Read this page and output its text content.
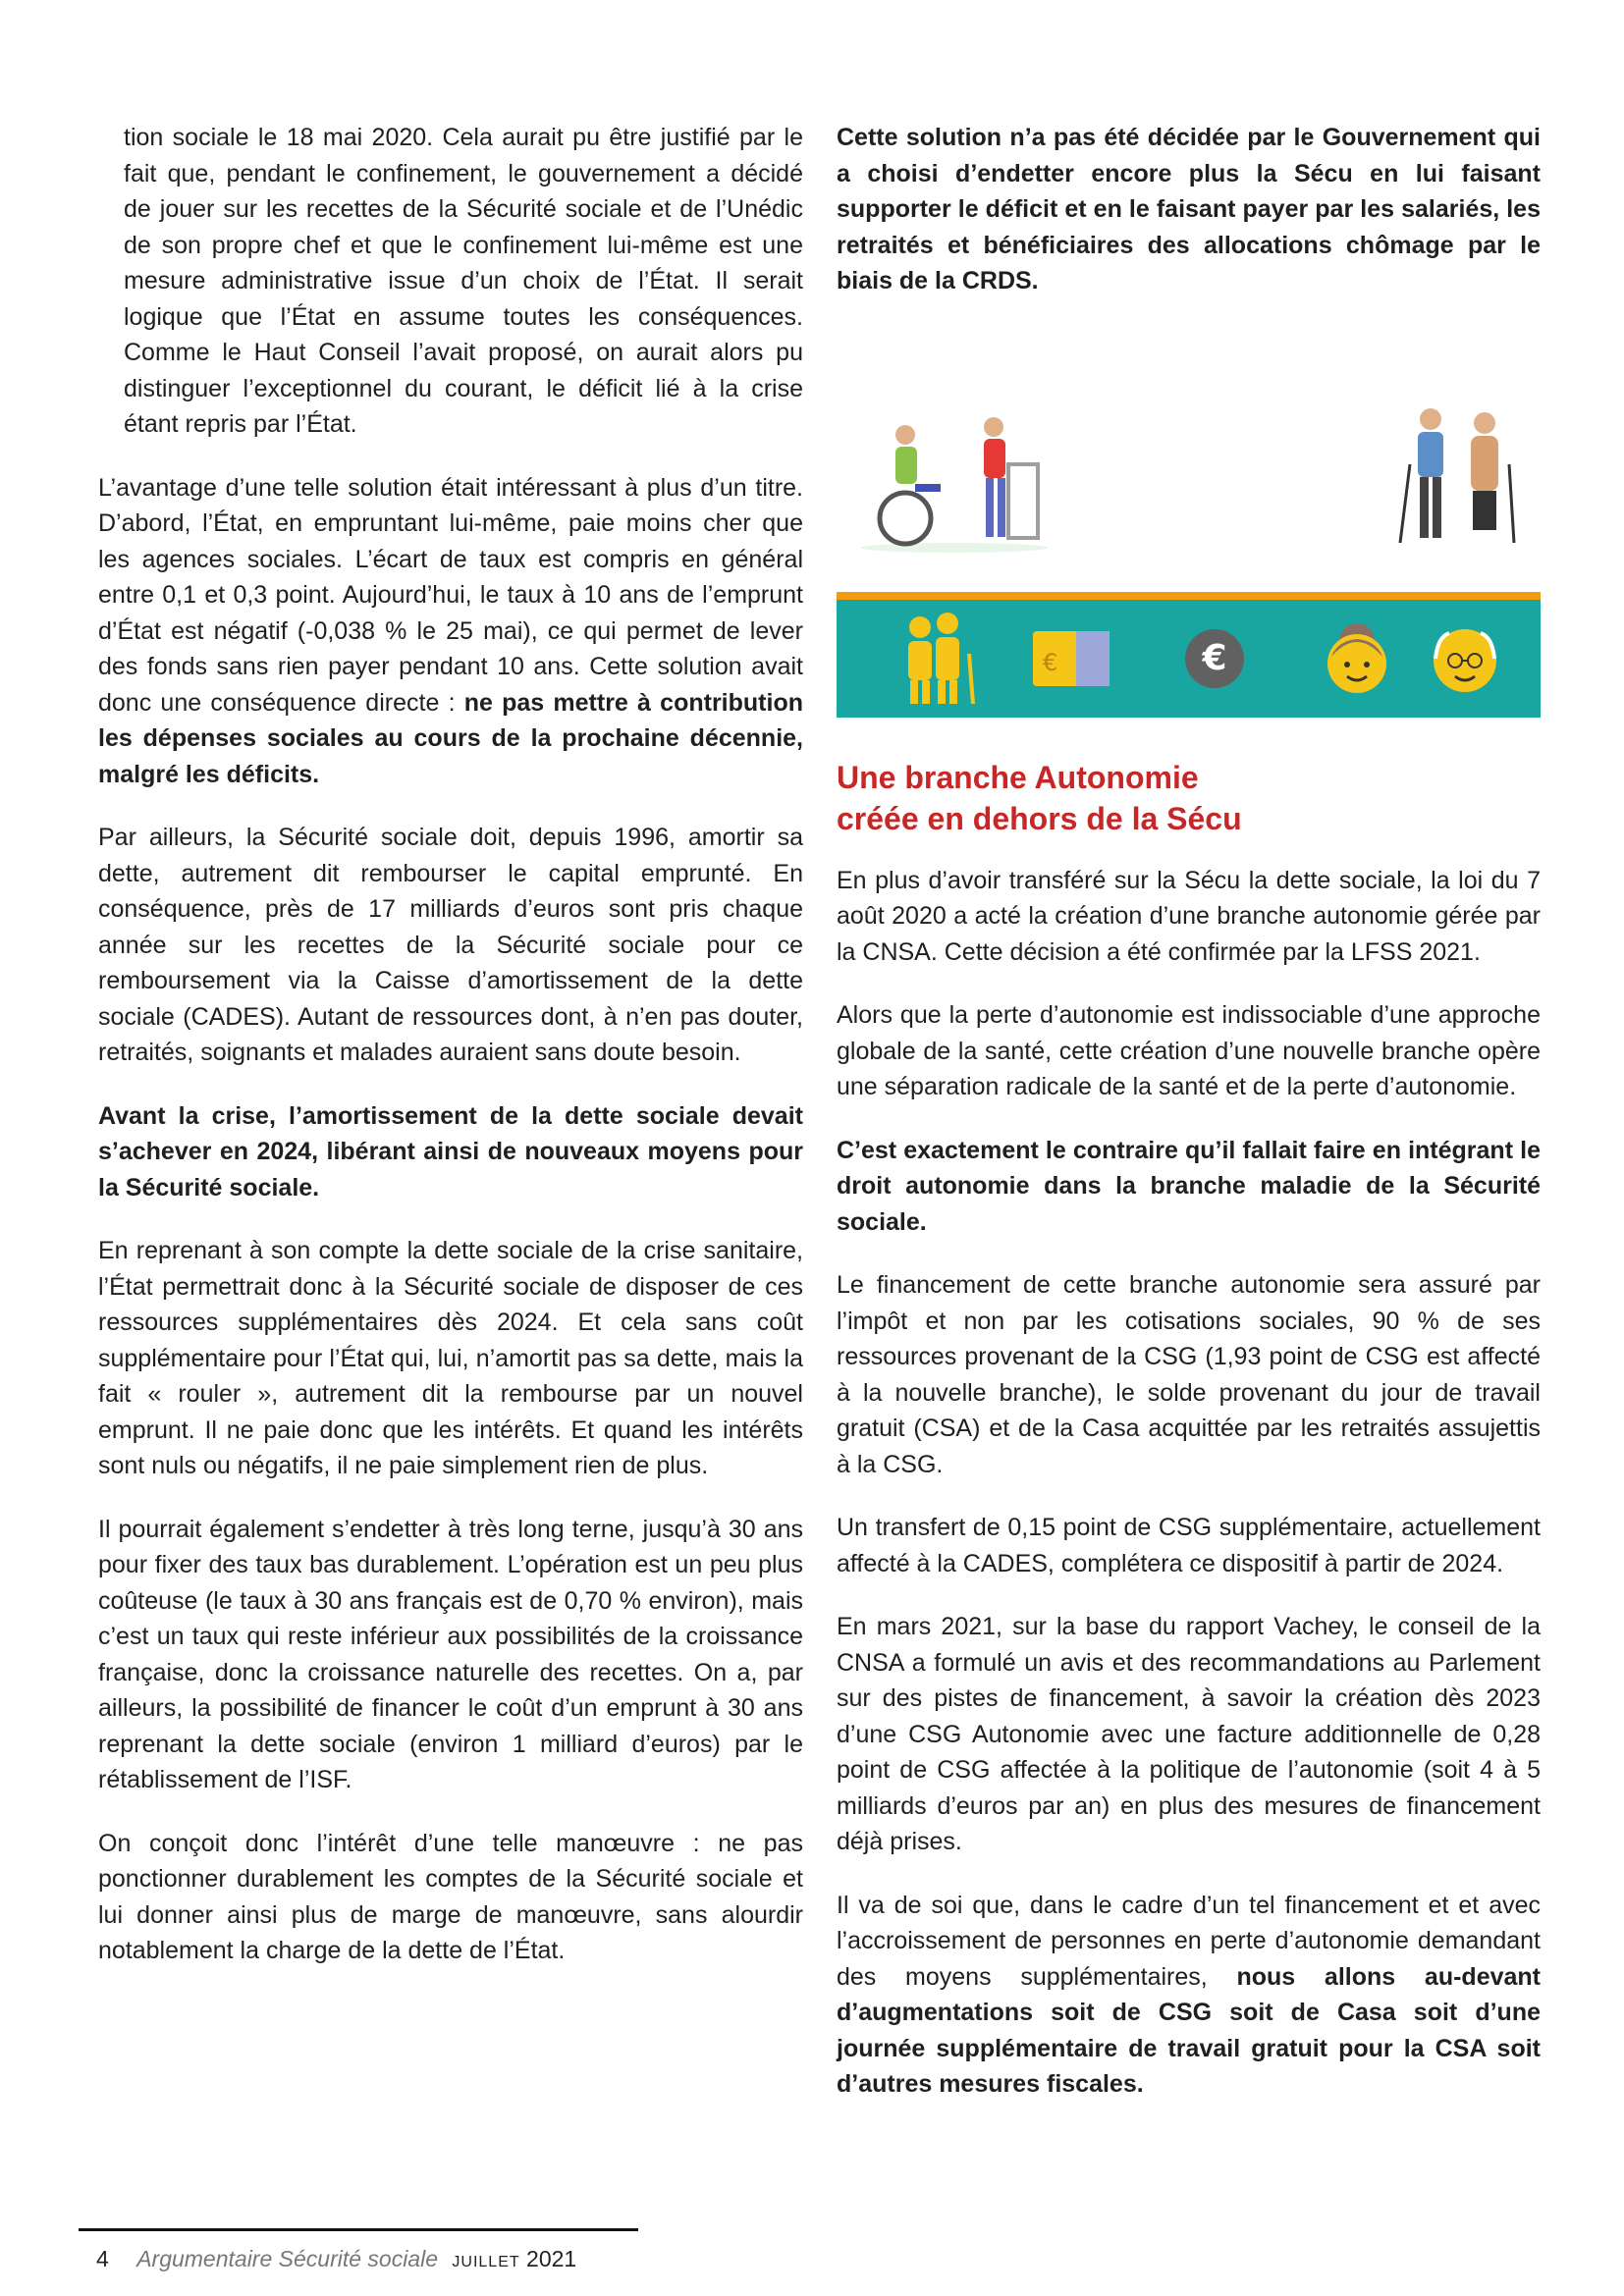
tion sociale le 18 mai 2020. Cela aurait pu être justifié par le fait que, pendant le confinement, le gouvernement a décidé de jouer sur les recettes de la Sécurité sociale et de l’Unédic de son propre chef et que le confinement lui-même est une mesure administrative issue d’un choix de l’État. Il serait logique que l’État en assume toutes les conséquences. Comme le Haut Conseil l’avait proposé, on aurait alors pu distinguer l’exceptionnel du courant, le déficit lié à la crise étant repris par l’État.

L’avantage d’une telle solution était intéressant à plus d’un titre. D’abord, l’État, en empruntant lui-même, paie moins cher que les agences sociales. L’écart de taux est compris en général entre 0,1 et 0,3 point. Aujourd’hui, le taux à 10 ans de l’emprunt d’État est négatif (-0,038 % le 25 mai), ce qui permet de lever des fonds sans rien payer pendant 10 ans. Cette solution avait donc une conséquence directe : ne pas mettre à contribution les dépenses sociales au cours de la prochaine décennie, malgré les déficits.

Par ailleurs, la Sécurité sociale doit, depuis 1996, amortir sa dette, autrement dit rembourser le capital emprunté. En conséquence, près de 17 milliards d’euros sont pris chaque année sur les recettes de la Sécurité sociale pour ce remboursement via la Caisse d’amortissement de la dette sociale (CADES). Autant de ressources dont, à n’en pas douter, retraités, soignants et malades auraient sans doute besoin.

Avant la crise, l’amortissement de la dette sociale devait s’achever en 2024, libérant ainsi de nouveaux moyens pour la Sécurité sociale.

En reprenant à son compte la dette sociale de la crise sanitaire, l’État permettrait donc à la Sécurité sociale de disposer de ces ressources supplémentaires dès 2024. Et cela sans coût supplémentaire pour l’État qui, lui, n’amortit pas sa dette, mais la fait « rouler », autrement dit la rembourse par un nouvel emprunt. Il ne paie donc que les intérêts. Et quand les intérêts sont nuls ou négatifs, il ne paie simplement rien de plus.

Il pourrait également s’endetter à très long terne, jusqu’à 30 ans pour fixer des taux bas durablement. L’opération est un peu plus coûteuse (le taux à 30 ans français est de 0,70 % environ), mais c’est un taux qui reste inférieur aux possibilités de la croissance française, donc la croissance naturelle des recettes. On a, par ailleurs, la possibilité de financer le coût d’un emprunt à 30 ans reprenant la dette sociale (environ 1 milliard d’euros) par le rétablissement de l’ISF.

On conçoit donc l’intérêt d’une telle manœuvre : ne pas ponctionner durablement les comptes de la Sécurité sociale et lui donner ainsi plus de marge de manœuvre, sans alourdir notablement la charge de la dette de l’État.

Cette solution n’a pas été décidée par le Gouvernement qui a choisi d’endetter encore plus la Sécu en lui faisant supporter le déficit et en le faisant payer par les salariés, les retraités et bénéficiaires des allocations chômage par le biais de la CRDS.

€	€
Une branche Autonomie
créée en dehors de la Sécu

En plus d’avoir transféré sur la Sécu la dette sociale, la loi du 7 août 2020 a acté la création d’une branche autonomie gérée par la CNSA. Cette décision a été confirmée par la LFSS 2021.

Alors que la perte d’autonomie est indissociable d’une approche globale de la santé, cette création d’une nouvelle branche opère une séparation radicale de la santé et de la perte d’autonomie.

C’est exactement le contraire qu’il fallait faire en intégrant le droit autonomie dans la branche maladie de la Sécurité sociale.

Le financement de cette branche autonomie sera assuré par l’impôt et non par les cotisations sociales, 90 % de ses ressources provenant de la CSG (1,93 point de CSG est affecté à la nouvelle branche), le solde provenant du jour de travail gratuit (CSA) et de la Casa acquittée par les retraités assujettis à la CSG.

Un transfert de 0,15 point de CSG supplémentaire, actuellement affecté à la CADES, complétera ce dispositif à partir de 2024.

En mars 2021, sur la base du rapport Vachey, le conseil de la CNSA a formulé un avis et des recommandations au Parlement sur des pistes de financement, à savoir la création dès 2023 d’une CSG Autonomie avec une facture additionnelle de 0,28 point de CSG affectée à la politique de l’autonomie (soit 4 à 5 milliards d’euros par an) en plus des mesures de financement déjà prises.

Il va de soi que, dans le cadre d’un tel financement et et avec l’accroissement de personnes en perte d’autonomie demandant des moyens supplémentaires, nous allons au-devant d’augmentations soit de CSG soit de Casa soit d’une journée supplémentaire de travail gratuit pour la CSA soit d’autres mesures fiscales.

4 Argumentaire Sécurité sociale juillet 2021
